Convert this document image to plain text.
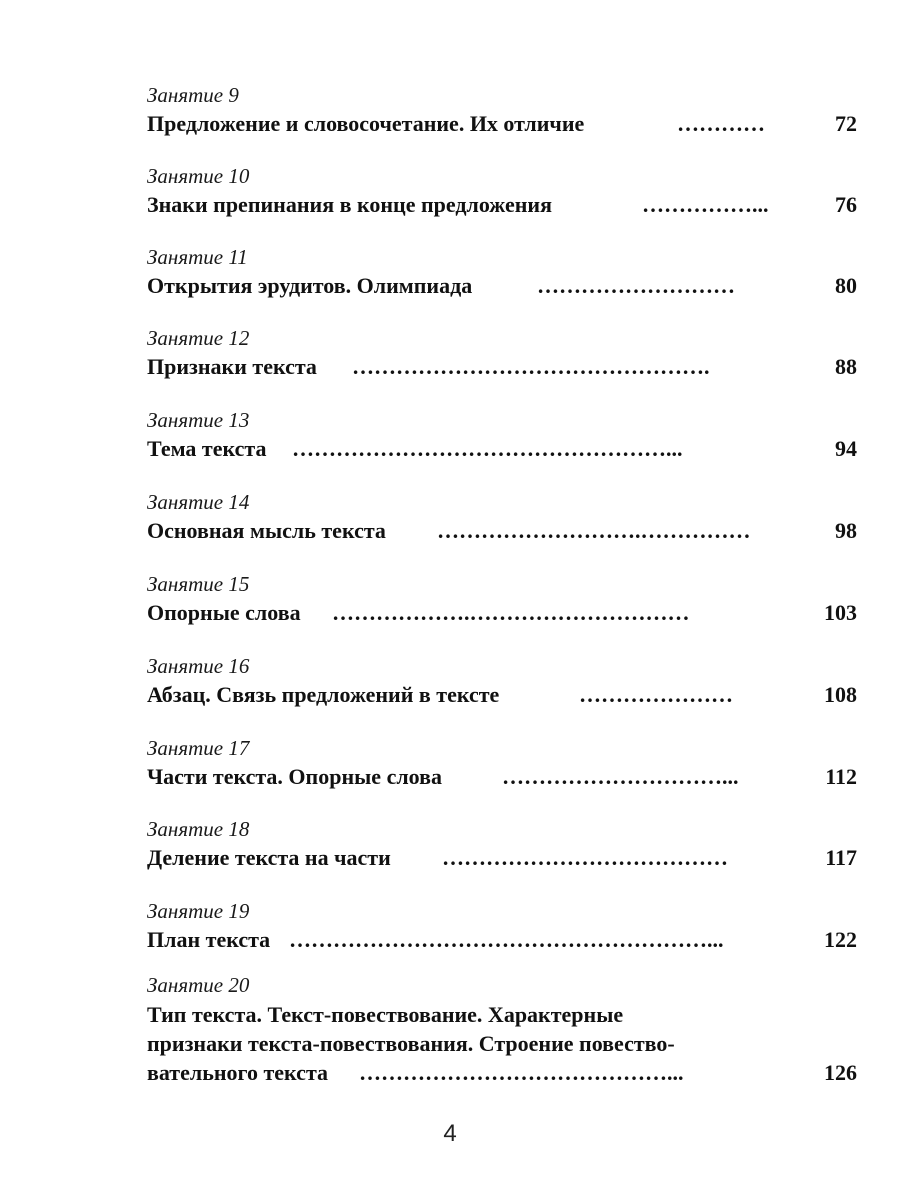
Занятие 9
Предложение и словосочетание. Их отличие	…………	72
Занятие 10
Знаки препинания в конце предложения	……………...	76
Занятие 11
Открытия эрудитов. Олимпиада	………………………	80
Занятие 12
Признаки текста ………………………………………….	88
Занятие 13
Тема текста ……………………………………………...	94
Занятие 14
Основная мысль текста ……………………….……………	98
Занятие 15
Опорные слова ……………….…………………………	103
Занятие 16
Абзац. Связь предложений в тексте	…………………	108
Занятие 17
Части текста. Опорные слова	…………………………...	112
Занятие 18
Деление текста на части …………………………………	117
Занятие 19
План текста …………………………………………………...	122
Занятие 20
Тип текста. Текст-повествование. Характерные
признаки текста-повествования. Строение повество-
вательного текста ……………………………………...	126
4
